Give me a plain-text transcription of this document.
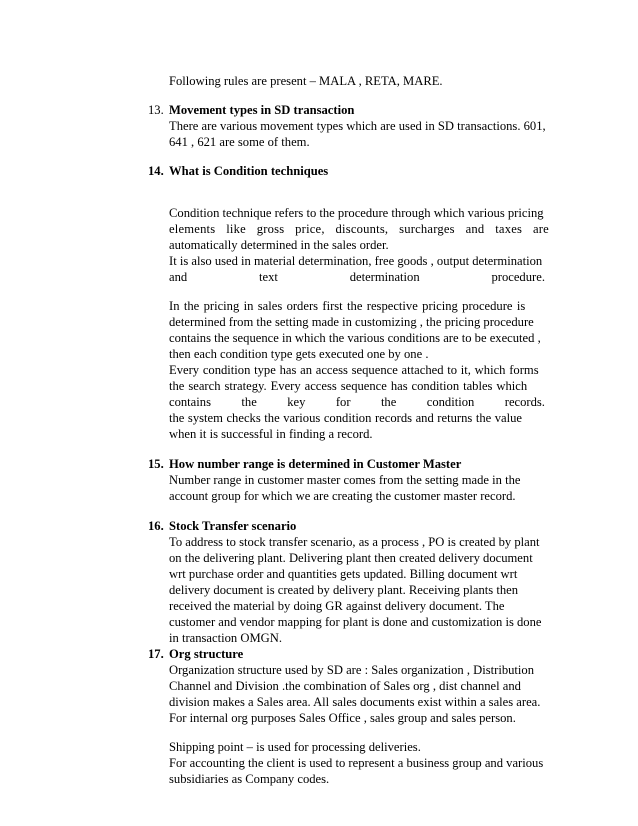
Following rules are present – MALA , RETA, MARE.
13. Movement types in SD transaction
There are various movement types which are used in SD transactions. 601,
641 , 621 are some of them.
14. What is Condition techniques
Condition technique refers to the procedure through which various pricing
elements like gross price, discounts, surcharges and taxes are
automatically determined in the sales order.
It is also used in material determination, free goods , output determination
and	text	determination	procedure.
In the pricing in sales orders first the respective pricing procedure is
determined from the setting made in customizing , the pricing procedure
contains the sequence in which the various conditions are to be executed ,
then each condition type gets executed one by one .
Every condition type has an access sequence attached to it, which forms
the search strategy. Every access sequence has condition tables which
contains the key for the condition records.
the system checks the various condition records and returns the value
when it is successful in finding a record.
15. How number range is determined in Customer Master
Number range in customer master comes from the setting made in the
account group for which we are creating the customer master record.
16. Stock Transfer scenario
To address to stock transfer scenario, as a process , PO is created by plant
on the delivering plant. Delivering plant then created delivery document
wrt purchase order and quantities gets updated. Billing document wrt
delivery document is created by delivery plant. Receiving plants then
received the material by doing GR against delivery document. The
customer and vendor mapping for plant is done and customization is done
in transaction OMGN.
17. Org structure
Organization structure used by SD are : Sales organization , Distribution
Channel and Division .the combination of Sales org , dist channel and
division makes a Sales area. All sales documents exist within a sales area.
For internal org purposes Sales Office , sales group and sales person.
Shipping point – is used for processing deliveries.
For accounting the client is used to represent a business group and various
subsidiaries as Company codes.
